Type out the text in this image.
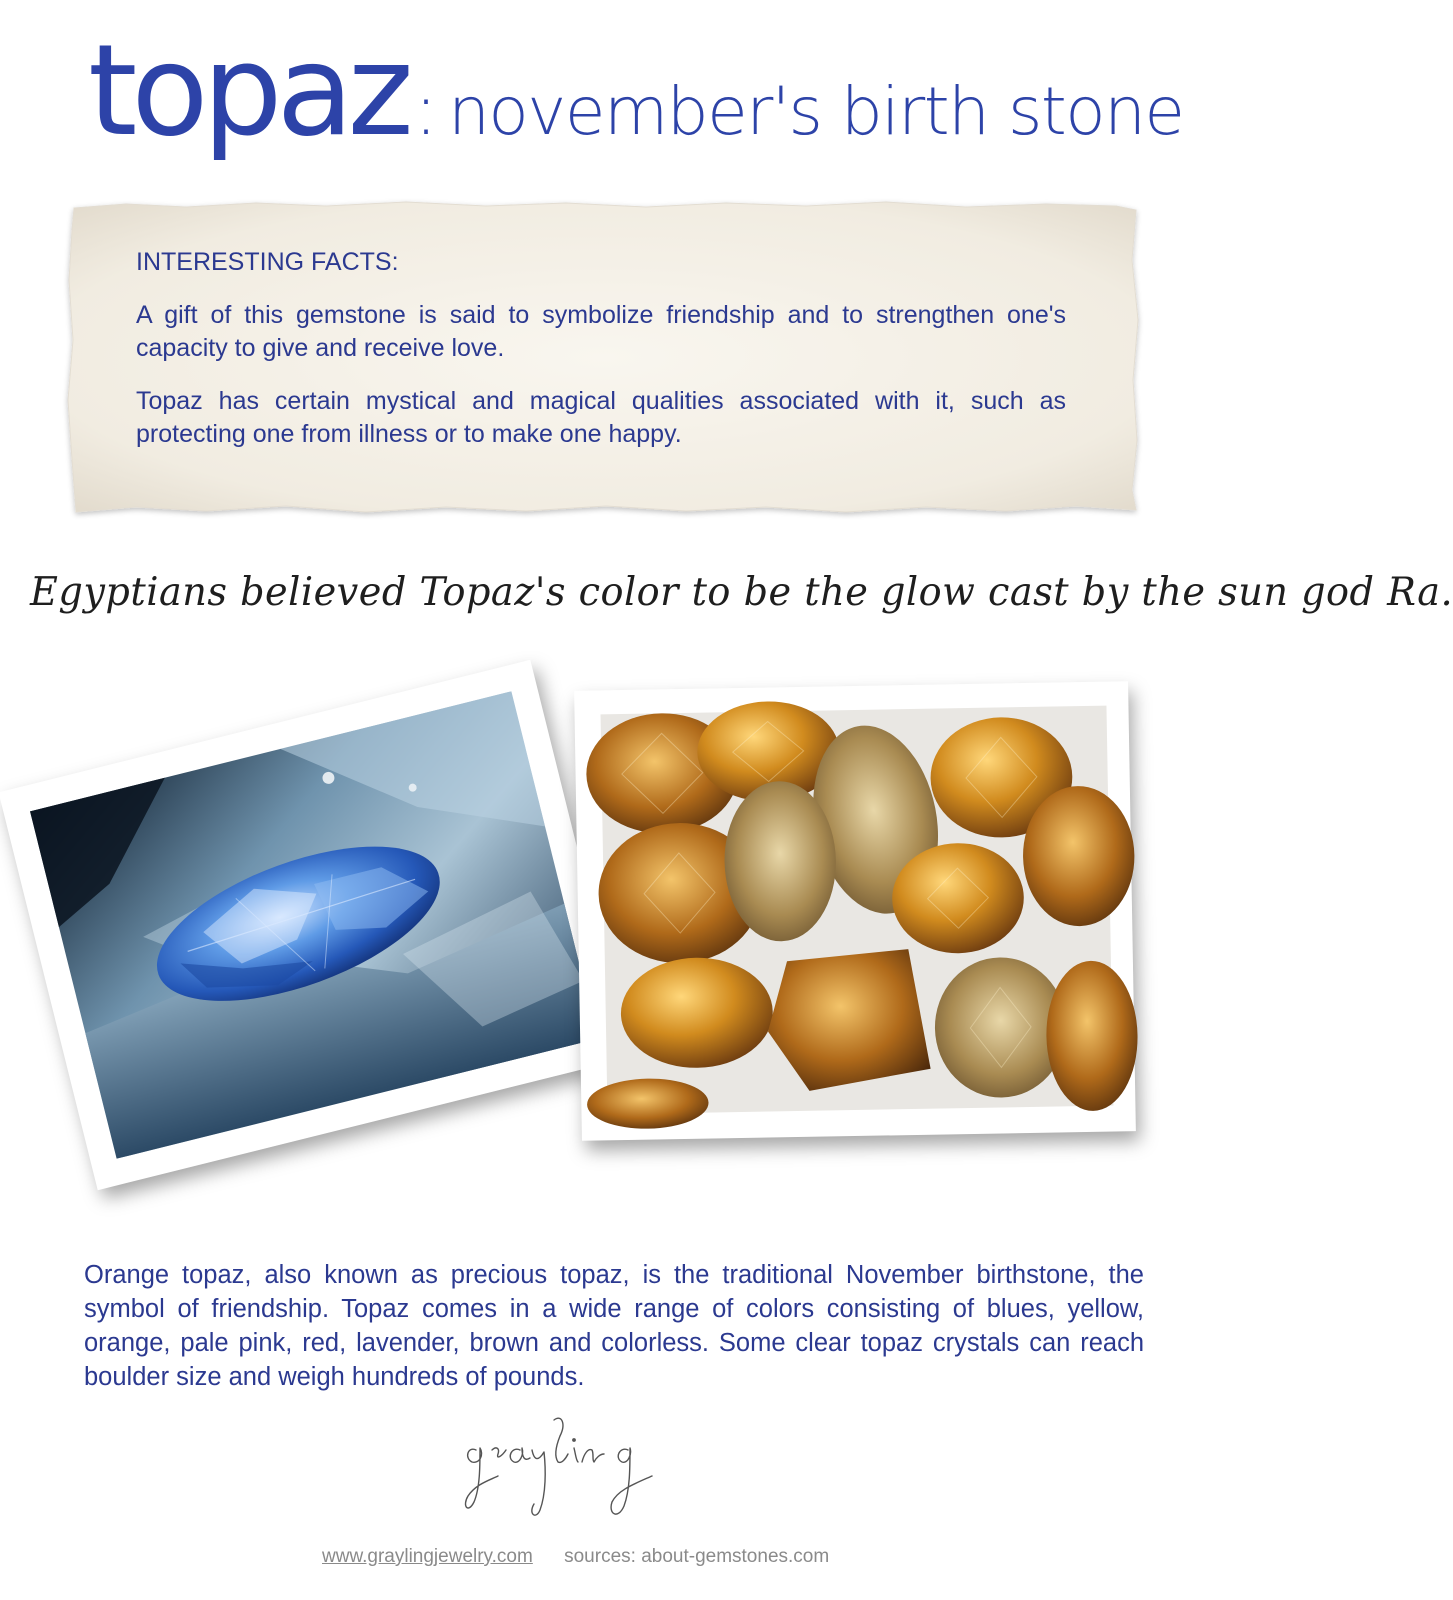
topaz: november's birth stone
INTERESTING FACTS:

A gift of this gemstone is said to symbolize friendship and to strengthen one's capacity to give and receive love.

Topaz has certain mystical and magical qualities associated with it, such as protecting one from illness or to make one happy.

Egyptians believed Topaz's color to be the glow cast by the sun god Ra.

Orange topaz, also known as precious topaz, is the traditional November birthstone, the symbol of friendship. Topaz comes in a wide range of colors consisting of blues, yellow, orange, pale pink, red, lavender, brown and colorless. Some clear topaz crystals can reach boulder size and weigh hundreds of pounds.

www.graylingjewelry.com sources: about-gemstones.com
